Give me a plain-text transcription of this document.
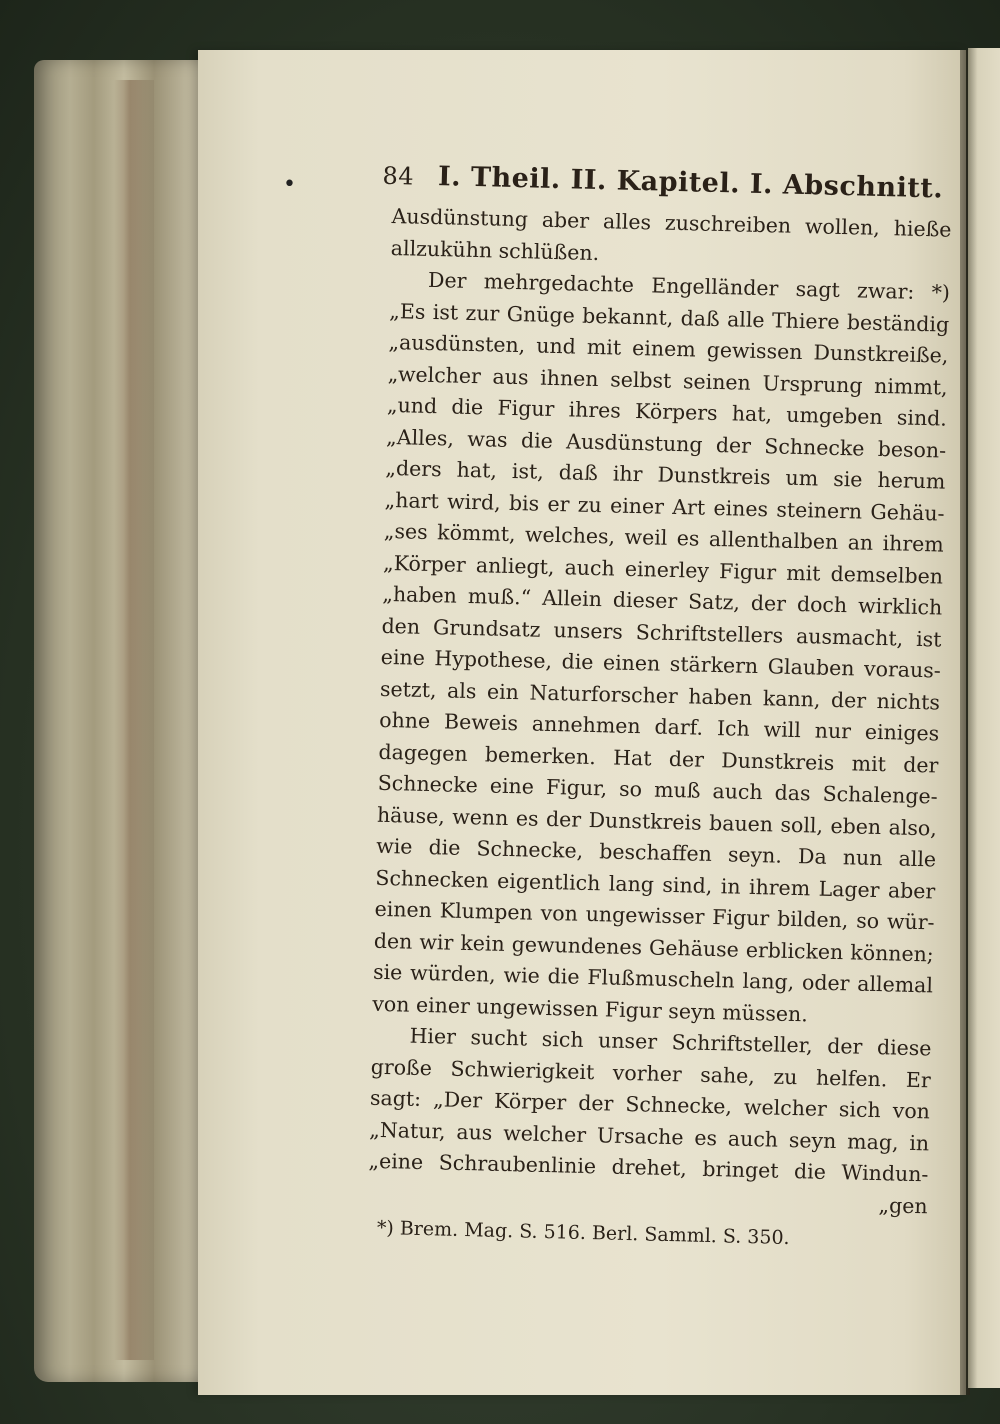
•	84 I. Theil. II. Kapitel. I. Abschnitt.
Ausdünstung aber alles zuschreiben wollen, hieße
allzukühn schlüßen.
Der mehrgedachte Engelländer sagt zwar: *)
„Es ist zur Gnüge bekannt, daß alle Thiere beständig
„ausdünsten, und mit einem gewissen Dunstkreiße,
„welcher aus ihnen selbst seinen Ursprung nimmt,
„und die Figur ihres Körpers hat, umgeben sind.
„Alles, was die Ausdünstung der Schnecke beson-
„ders hat, ist, daß ihr Dunstkreis um sie herum
„hart wird, bis er zu einer Art eines steinern Gehäu-
„ses kömmt, welches, weil es allenthalben an ihrem
„Körper anliegt, auch einerley Figur mit demselben
„haben muß.“ Allein dieser Satz, der doch wirklich
den Grundsatz unsers Schriftstellers ausmacht, ist
eine Hypothese, die einen stärkern Glauben voraus-
setzt, als ein Naturforscher haben kann, der nichts
ohne Beweis annehmen darf. Ich will nur einiges
dagegen bemerken. Hat der Dunstkreis mit der
Schnecke eine Figur, so muß auch das Schalenge-
häuse, wenn es der Dunstkreis bauen soll, eben also,
wie die Schnecke, beschaffen seyn. Da nun alle
Schnecken eigentlich lang sind, in ihrem Lager aber
einen Klumpen von ungewisser Figur bilden, so wür-
den wir kein gewundenes Gehäuse erblicken können;
sie würden, wie die Flußmuscheln lang, oder allemal
von einer ungewissen Figur seyn müssen.
Hier sucht sich unser Schriftsteller, der diese
große Schwierigkeit vorher sahe, zu helfen. Er
sagt: „Der Körper der Schnecke, welcher sich von
„Natur, aus welcher Ursache es auch seyn mag, in
„eine Schraubenlinie drehet, bringet die Windun-
„gen
*) Brem. Mag. S. 516. Berl. Samml. S. 350.
